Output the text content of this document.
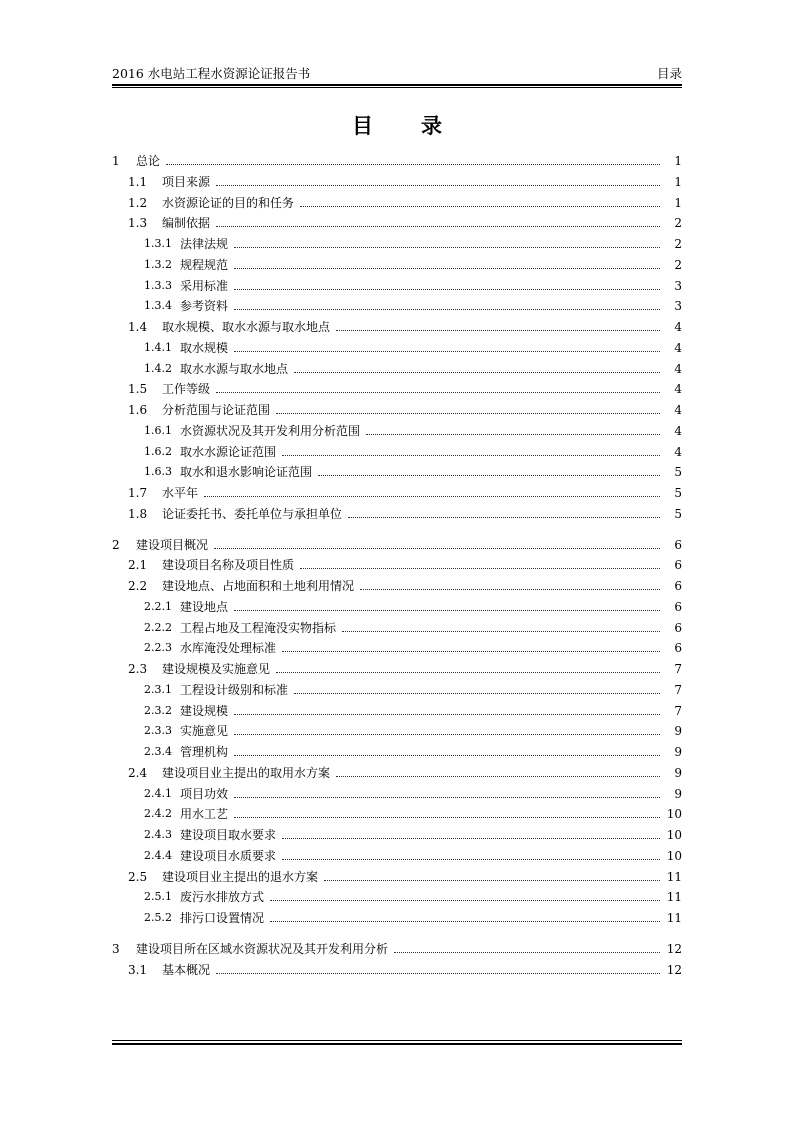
2016 水电站工程水资源论证报告书	目录
目录
1	总论	1
1.1	项目来源	1
1.2	水资源论证的目的和任务	1
1.3	编制依据	2
1.3.1 法律法规	2
1.3.2 规程规范	2
1.3.3 采用标准	3
1.3.4 参考资料	3
1.4	取水规模、取水水源与取水地点	4
1.4.1 取水规模	4
1.4.2 取水水源与取水地点	4
1.5	工作等级	4
1.6	分析范围与论证范围	4
1.6.1 水资源状况及其开发利用分析范围	4
1.6.2 取水水源论证范围	4
1.6.3 取水和退水影响论证范围	5
1.7	水平年	5
1.8	论证委托书、委托单位与承担单位	5
2	建设项目概况	6
2.1	建设项目名称及项目性质	6
2.2	建设地点、占地面积和土地利用情况	6
2.2.1 建设地点	6
2.2.2 工程占地及工程淹没实物指标	6
2.2.3 水库淹没处理标准	6
2.3	建设规模及实施意见	7
2.3.1 工程设计级别和标准	7
2.3.2 建设规模	7
2.3.3 实施意见	9
2.3.4 管理机构	9
2.4	建设项目业主提出的取用水方案	9
2.4.1 项目功效	9
2.4.2 用水工艺	10
2.4.3 建设项目取水要求	10
2.4.4 建设项目水质要求	10
2.5	建设项目业主提出的退水方案	11
2.5.1 废污水排放方式	11
2.5.2 排污口设置情况	11
3	建设项目所在区域水资源状况及其开发利用分析	12
3.1	基本概况	12
